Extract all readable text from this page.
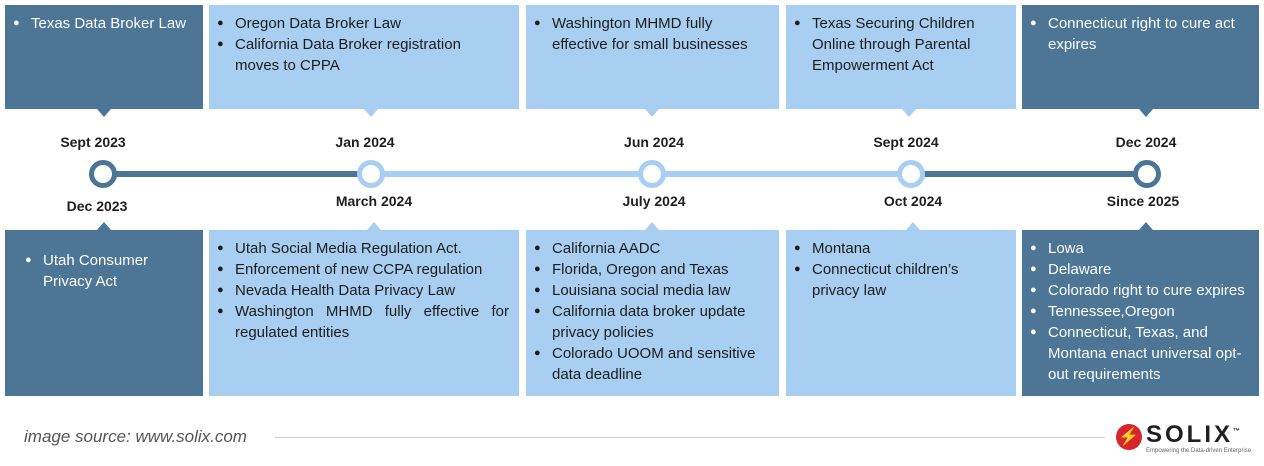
● Texas Data Broker Law
●	Oregon Data Broker Law
● California Data Broker registration moves to CPPA
● Washington MHMD fully effective for small businesses
● Texas Securing Children Online through Parental Empowerment Act
● Connecticut right to cure act expires
Sept 2023	Jan 2024	Jun 2024	Sept 2024	Dec 2024
Dec 2023	March 2024	July 2024	Oct 2024	Since 2025
● Utah Consumer Privacy Act
● Utah Social Media Regulation Act.
● Enforcement of new CCPA regulation
● Nevada Health Data Privacy Law
● Washington MHMD fully effective for regulated entities
● California AADC
● Florida, Oregon and Texas
● Louisiana social media law
● California data broker update privacy policies
● Colorado UOOM and sensitive data deadline
● Montana
● Connecticut children’s privacy law
● Lowa
● Delaware
● Colorado right to cure expires
● Tennessee,Oregon
● Connecticut, Texas, and Montana enact universal opt-out requirements
image source: www.solix.com	⚡ SOLIX™
Empowering the Data-driven Enterprise
